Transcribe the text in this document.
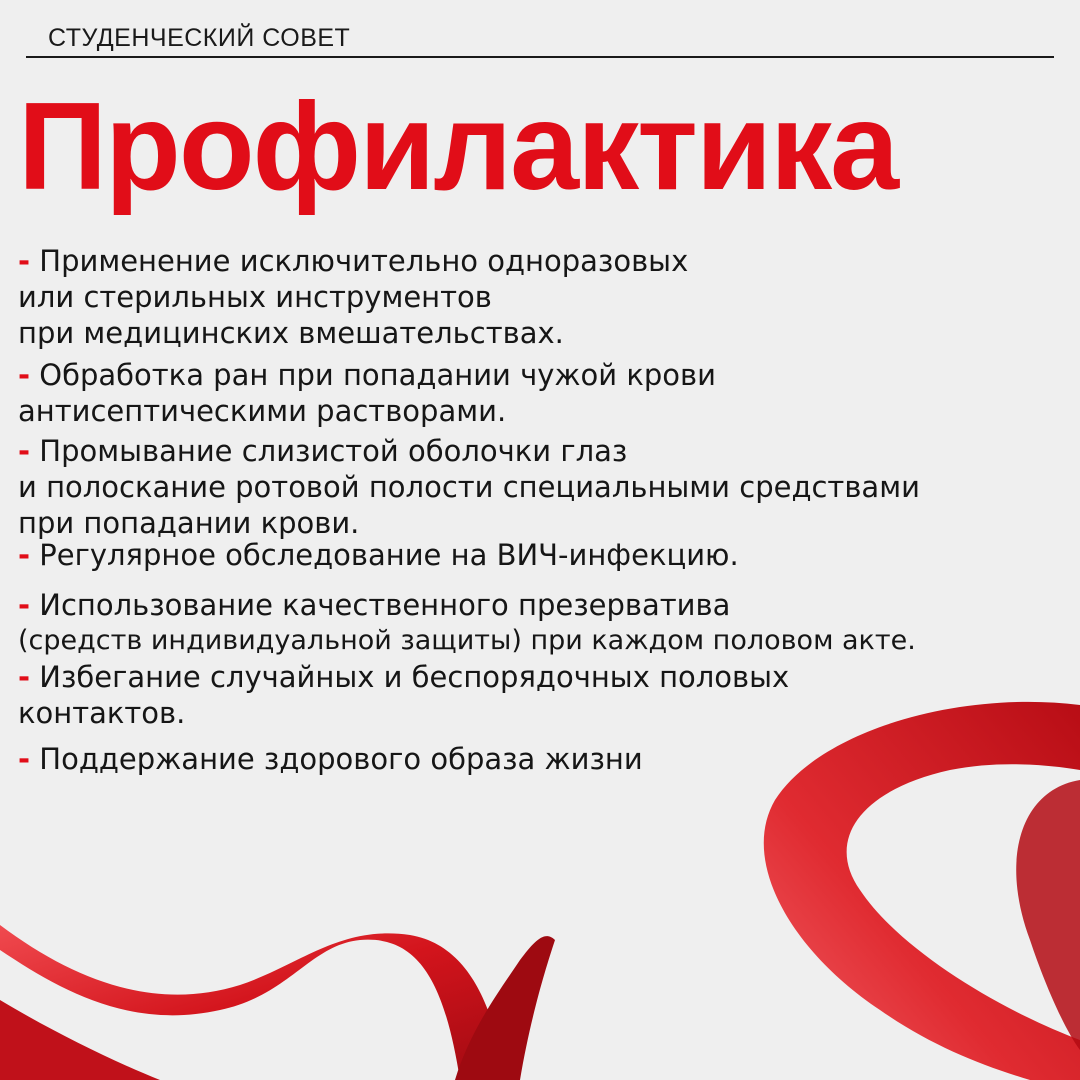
СТУДЕНЧЕСКИЙ СОВЕТ
Профилактика
- Применение исключительно одноразовых
или стерильных инструментов
при медицинских вмешательствах.
- Обработка ран при попадании чужой крови
антисептическими растворами.
- Промывание слизистой оболочки глаз
и полоскание ротовой полости специальными средствами
при попадании крови.
- Регулярное обследование на ВИЧ-инфекцию.
- Использование качественного презерватива
(средств индивидуальной защиты) при каждом половом акте.
- Избегание случайных и беспорядочных половых
контактов.
- Поддержание здорового образа жизни
